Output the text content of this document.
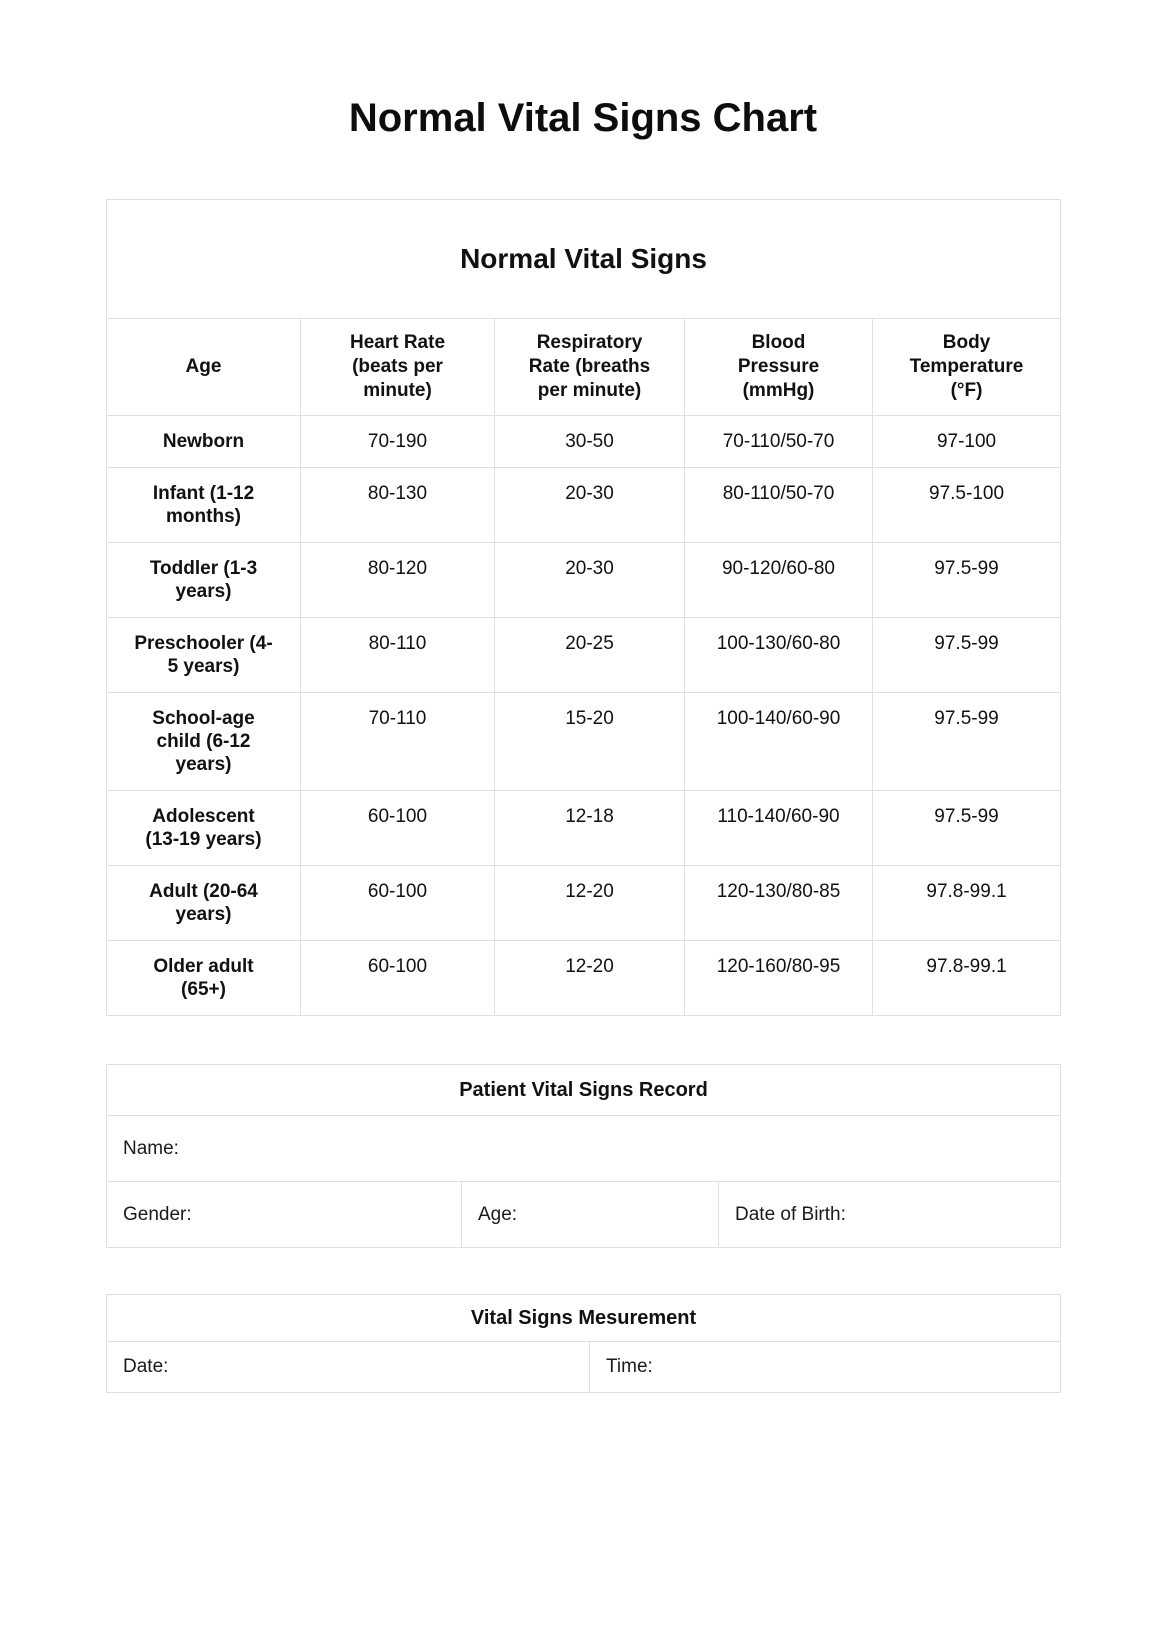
Normal Vital Signs Chart
Normal Vital Signs				
Age	Heart Rate (beats per minute)	Respiratory Rate (breaths per minute)	Blood Pressure (mmHg)	Body Temperature (°F)
Newborn	70-190	30-50	70-110/50-70	97-100
Infant (1-12 months)	80-130	20-30	80-110/50-70	97.5-100
Toddler (1-3 years)	80-120	20-30	90-120/60-80	97.5-99
Preschooler (4-5 years)	80-110	20-25	100-130/60-80	97.5-99
School-age child (6-12 years)	70-110	15-20	100-140/60-90	97.5-99
Adolescent (13-19 years)	60-100	12-18	110-140/60-90	97.5-99
Adult (20-64 years)	60-100	12-20	120-130/80-85	97.8-99.1
Older adult (65+)	60-100	12-20	120-160/80-95	97.8-99.1
Patient Vital Signs Record
Name:
Gender:	Age:	Date of Birth:
Vital Signs Mesurement
Date:	Time:
